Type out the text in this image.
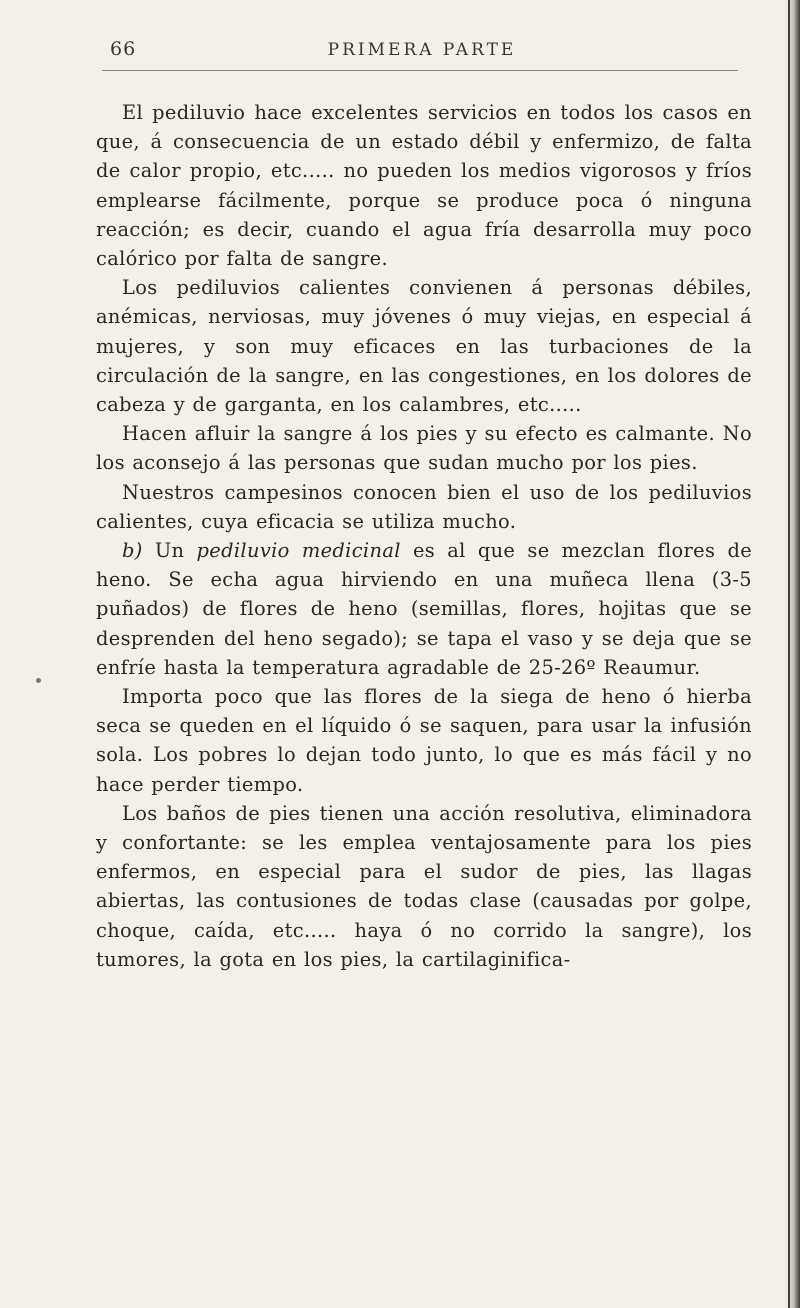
66	PRIMERA PARTE

El pediluvio hace excelentes servicios en todos los casos en que, á consecuencia de un estado débil y enfermizo, de falta de calor propio, etc..... no pueden los medios vigorosos y fríos emplearse fácilmente, porque se produce poca ó ninguna reacción; es decir, cuando el agua fría desarrolla muy poco calórico por falta de sangre.

Los pediluvios calientes convienen á personas débiles, anémicas, nerviosas, muy jóvenes ó muy viejas, en especial á mujeres, y son muy eficaces en las turbaciones de la circulación de la sangre, en las congestiones, en los dolores de cabeza y de garganta, en los calambres, etc.....

Hacen afluir la sangre á los pies y su efecto es calmante. No los aconsejo á las personas que sudan mucho por los pies.

Nuestros campesinos conocen bien el uso de los pediluvios calientes, cuya eficacia se utiliza mucho.

b) Un pediluvio medicinal es al que se mezclan flores de heno. Se echa agua hirviendo en una muñeca llena (3-5 puñados) de flores de heno (semillas, flores, hojitas que se desprenden del heno segado); se tapa el vaso y se deja que se enfríe hasta la temperatura agradable de 25-26º Reaumur.

Importa poco que las flores de la siega de heno ó hierba seca se queden en el líquido ó se saquen, para usar la infusión sola. Los pobres lo dejan todo junto, lo que es más fácil y no hace perder tiempo.

Los baños de pies tienen una acción resolutiva, eliminadora y confortante: se les emplea ventajosamente para los pies enfermos, en especial para el sudor de pies, las llagas abiertas, las contusiones de todas clase (causadas por golpe, choque, caída, etc..... haya ó no corrido la sangre), los tumores, la gota en los pies, la cartilaginifica-
